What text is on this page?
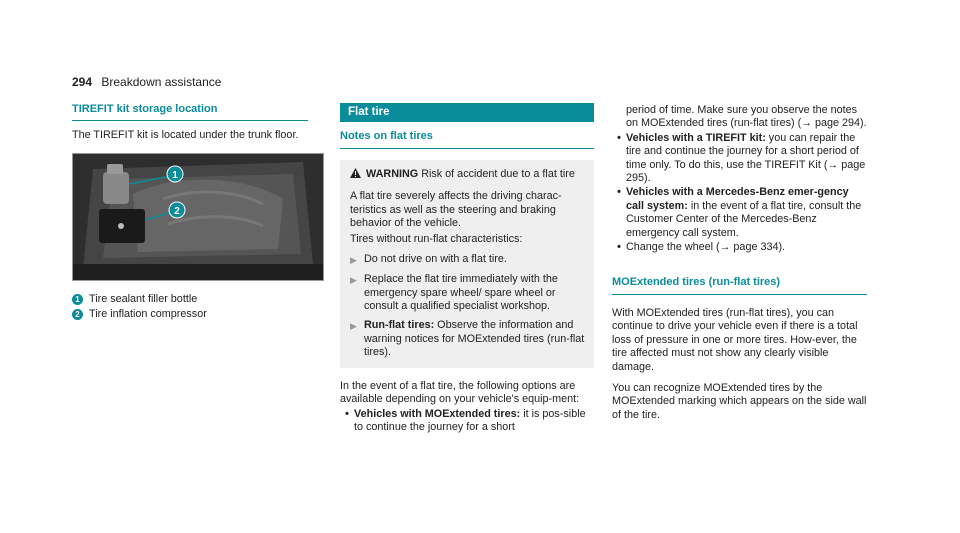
294 Breakdown assistance
TIREFIT kit storage location

The TIREFIT kit is located under the trunk floor.

1
2
1 Tire sealant filler bottle
2 Tire inflation compressor
Flat tire
Notes on flat tires
WARNING Risk of accident due to a flat tire

A flat tire severely affects the driving charac-teristics as well as the steering and braking behavior of the vehicle.

Tires without run-flat characteristics:

▶ Do not drive on with a flat tire.
▶ Replace the flat tire immediately with the emergency spare wheel/ spare wheel or consult a qualified specialist workshop.
▶ Run-flat tires: Observe the information and warning notices for MOExtended tires (run-flat tires).

In the event of a flat tire, the following options are available depending on your vehicle's equip-ment:

• Vehicles with MOExtended tires: it is pos-sible to continue the journey for a short

period of time. Make sure you observe the notes on MOExtended tires (run-flat tires) (→ page 294).

• Vehicles with a TIREFIT kit: you can repair the tire and continue the journey for a short period of time only. To do this, use the TIREFIT Kit (→ page 295).
• Vehicles with a Mercedes-Benz emer-gency call system: in the event of a flat tire, consult the Customer Center of the Mercedes-Benz emergency call system.
• Change the wheel (→ page 334).
MOExtended tires (run-flat tires)

With MOExtended tires (run-flat tires), you can continue to drive your vehicle even if there is a total loss of pressure in one or more tires. How-ever, the tire affected must not show any clearly visible damage.

You can recognize MOExtended tires by the MOExtended marking which appears on the side wall of the tire.
